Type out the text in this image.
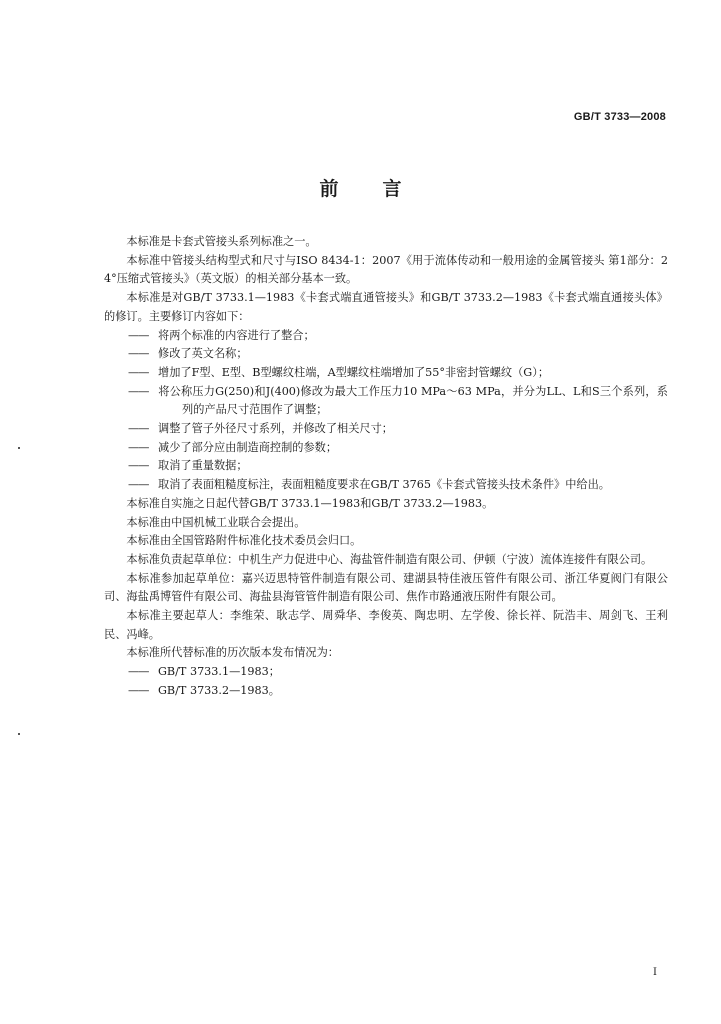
GB/T 3733—2008
前言

本标准是卡套式管接头系列标准之一。

本标准中管接头结构型式和尺寸与ISO 8434-1：2007《用于流体传动和一般用途的金属管接头 第1部分：24°压缩式管接头》（英文版）的相关部分基本一致。

本标准是对GB/T 3733.1—1983《卡套式端直通管接头》和GB/T 3733.2—1983《卡套式端直通接头体》的修订。主要修订内容如下：

—— 将两个标准的内容进行了整合；

—— 修改了英文名称；

—— 增加了F型、E型、B型螺纹柱端，A型螺纹柱端增加了55°非密封管螺纹（G）；

—— 将公称压力G(250)和J(400)修改为最大工作压力10 MPa～63 MPa，并分为LL、L和S三个系列，系列的产品尺寸范围作了调整；

—— 调整了管子外径尺寸系列，并修改了相关尺寸；

—— 减少了部分应由制造商控制的参数；

—— 取消了重量数据；

—— 取消了表面粗糙度标注，表面粗糙度要求在GB/T 3765《卡套式管接头技术条件》中给出。

本标准自实施之日起代替GB/T 3733.1—1983和GB/T 3733.2—1983。

本标准由中国机械工业联合会提出。

本标准由全国管路附件标准化技术委员会归口。

本标准负责起草单位：中机生产力促进中心、海盐管件制造有限公司、伊顿（宁波）流体连接件有限公司。

本标准参加起草单位：嘉兴迈思特管件制造有限公司、建湖县特佳液压管件有限公司、浙江华夏阀门有限公司、海盐禹博管件有限公司、海盐县海管管件制造有限公司、焦作市路通液压附件有限公司。

本标准主要起草人：李维荣、耿志学、周舜华、李俊英、陶忠明、左学俊、徐长祥、阮浩丰、周剑飞、王利民、冯峰。

本标准所代替标准的历次版本发布情况为：

—— GB/T 3733.1—1983；

—— GB/T 3733.2—1983。

I
